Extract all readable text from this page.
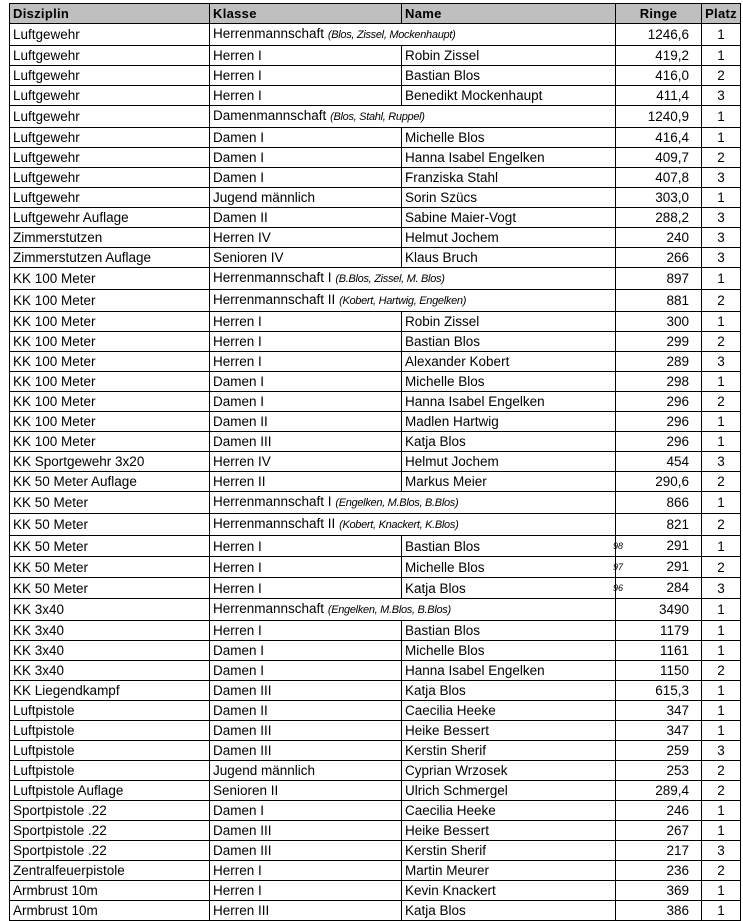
Disziplin	Klasse	Name	Ringe	Platz
Luftgewehr	Herrenmannschaft (Blos, Zissel, Mockenhaupt)		1246,6	1
Luftgewehr	Herren I	Robin Zissel	419,2	1
Luftgewehr	Herren I	Bastian Blos	416,0	2
Luftgewehr	Herren I	Benedikt Mockenhaupt	411,4	3
Luftgewehr	Damenmannschaft (Blos, Stahl, Ruppel)		1240,9	1
Luftgewehr	Damen I	Michelle Blos	416,4	1
Luftgewehr	Damen I	Hanna Isabel Engelken	409,7	2
Luftgewehr	Damen I	Franziska Stahl	407,8	3
Luftgewehr	Jugend männlich	Sorin Szücs	303,0	1
Luftgewehr Auflage	Damen II	Sabine Maier-Vogt	288,2	3
Zimmerstutzen	Herren IV	Helmut Jochem	240	3
Zimmerstutzen Auflage	Senioren IV	Klaus Bruch	266	3
KK 100 Meter	Herrenmannschaft I (B.Blos, Zissel, M. Blos)		897	1
KK 100 Meter	Herrenmannschaft II (Kobert, Hartwig, Engelken)		881	2
KK 100 Meter	Herren I	Robin Zissel	300	1
KK 100 Meter	Herren I	Bastian Blos	299	2
KK 100 Meter	Herren I	Alexander Kobert	289	3
KK 100 Meter	Damen I	Michelle Blos	298	1
KK 100 Meter	Damen I	Hanna Isabel Engelken	296	2
KK 100 Meter	Damen II	Madlen Hartwig	296	1
KK 100 Meter	Damen III	Katja Blos	296	1
KK Sportgewehr 3x20	Herren IV	Helmut Jochem	454	3
KK 50 Meter Auflage	Herren II	Markus Meier	290,6	2
KK 50 Meter	Herrenmannschaft I (Engelken, M.Blos, B.Blos)		866	1
KK 50 Meter	Herrenmannschaft II (Kobert, Knackert, K.Blos)		821	2
KK 50 Meter	Herren I	Bastian Blos	98 291	1
KK 50 Meter	Herren I	Michelle Blos	97 291	2
KK 50 Meter	Herren I	Katja Blos	96 284	3
KK 3x40	Herrenmannschaft (Engelken, M.Blos, B.Blos)		3490	1
KK 3x40	Herren I	Bastian Blos	1179	1
KK 3x40	Damen I	Michelle Blos	1161	1
KK 3x40	Damen I	Hanna Isabel Engelken	1150	2
KK Liegendkampf	Damen III	Katja Blos	615,3	1
Luftpistole	Damen II	Caecilia Heeke	347	1
Luftpistole	Damen III	Heike Bessert	347	1
Luftpistole	Damen III	Kerstin Sherif	259	3
Luftpistole	Jugend männlich	Cyprian Wrzosek	253	2
Luftpistole Auflage	Senioren II	Ulrich Schmergel	289,4	2
Sportpistole .22	Damen I	Caecilia Heeke	246	1
Sportpistole .22	Damen III	Heike Bessert	267	1
Sportpistole .22	Damen III	Kerstin Sherif	217	3
Zentralfeuerpistole	Herren I	Martin Meurer	236	2
Armbrust 10m	Herren I	Kevin Knackert	369	1
Armbrust 10m	Herren III	Katja Blos	386	1
